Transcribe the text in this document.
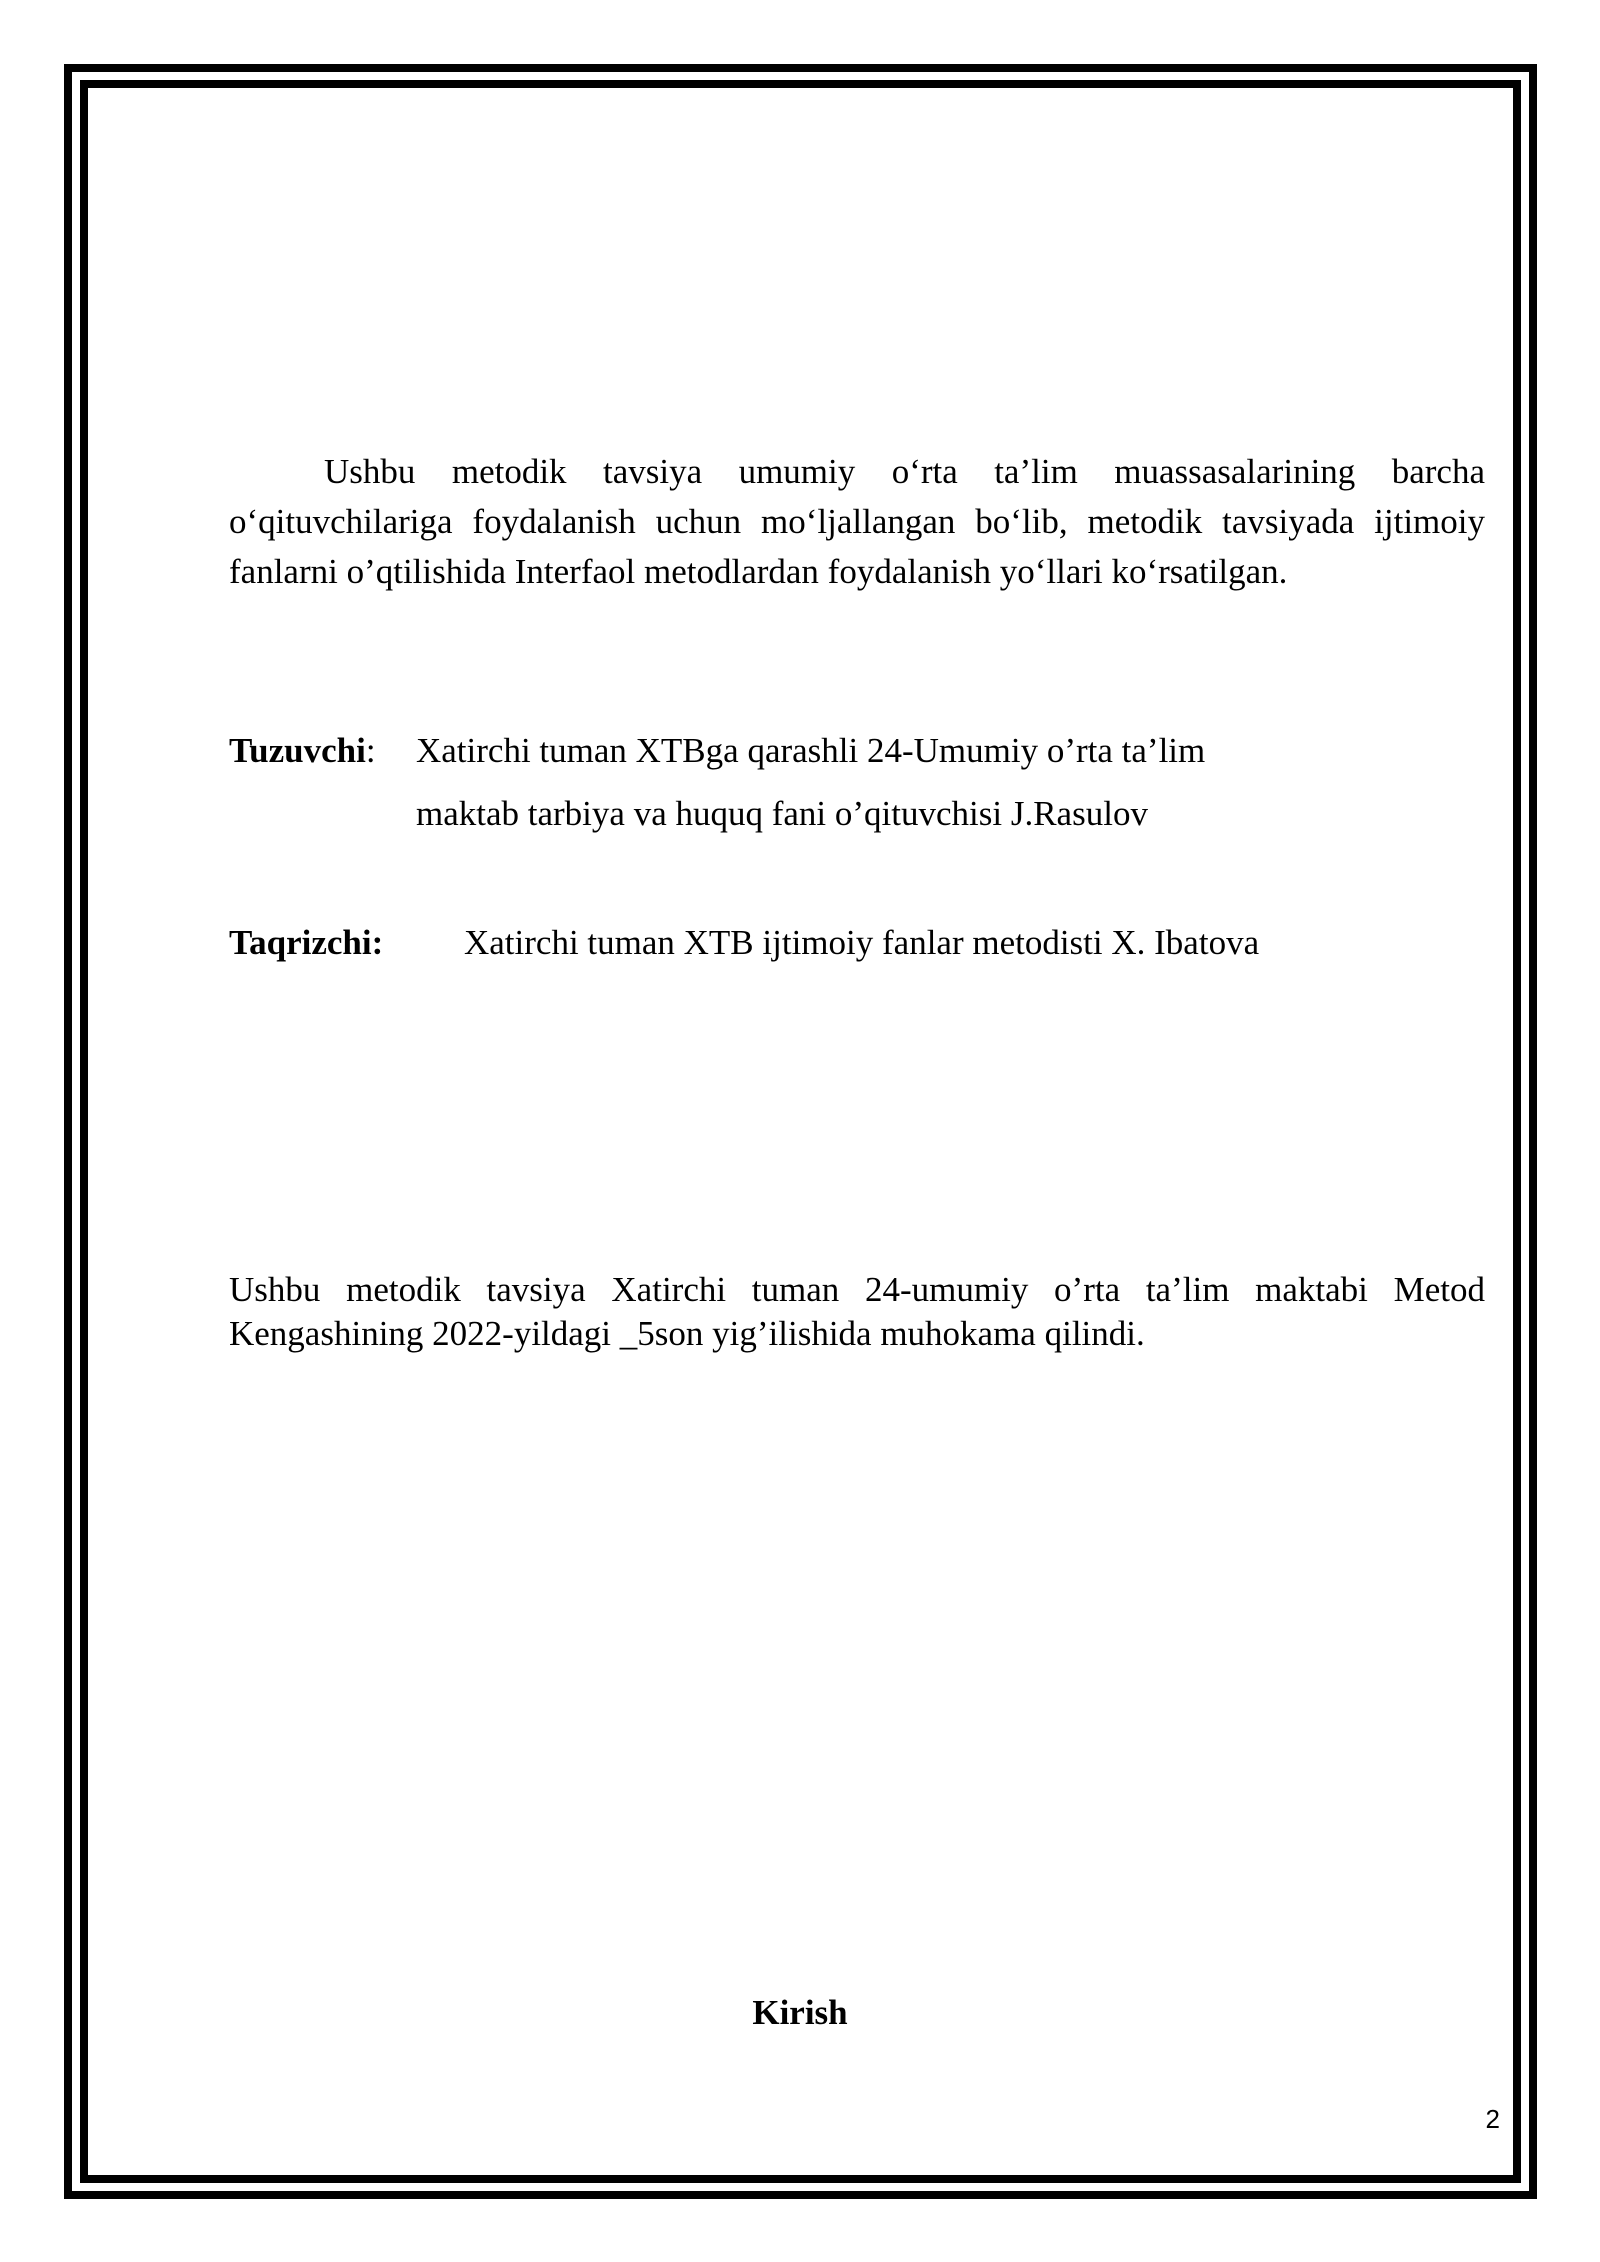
Ushbu metodik tavsiya umumiy o‘rta ta’lim muassasalarining barcha o‘qituvchilariga foydalanish uchun mo‘ljallangan bo‘lib, metodik tavsiyada ijtimoiy fanlarni o’qtilishida Interfaol metodlardan foydalanish yo‘llari ko‘rsatilgan.

Tuzuvchi: Xatirchi tuman XTBga qarashli 24-Umumiy o’rta ta’lim
maktab tarbiya va huquq fani o’qituvchisi J.Rasulov
Taqrizchi: Xatirchi tuman XTB ijtimoiy fanlar metodisti X. Ibatova

Ushbu metodik tavsiya Xatirchi tuman 24-umumiy o’rta ta’lim maktabi Metod Kengashining 2022-yildagi _5son yig’ilishida muhokama qilindi.

Kirish
2
